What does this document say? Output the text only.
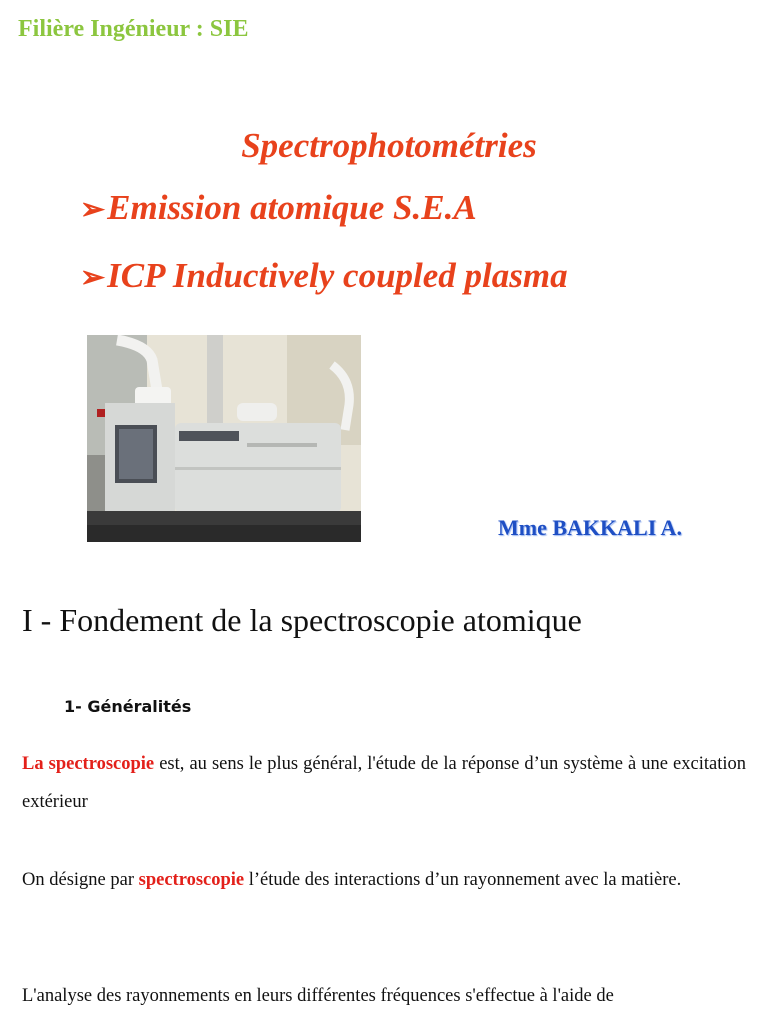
Filière Ingénieur : SIE
Spectrophotométries
➢Emission atomique S.E.A
➢ICP Inductively coupled plasma
Mme BAKKALI A.
I - Fondement de la spectroscopie atomique
1- Généralités
La spectroscopie est, au sens le plus général, l'étude de la réponse d’un système à une excitation extérieur
On désigne par spectroscopie l’étude des interactions d’un rayonnement avec la matière.
L'analyse des rayonnements en leurs différentes fréquences s'effectue à l'aide de
